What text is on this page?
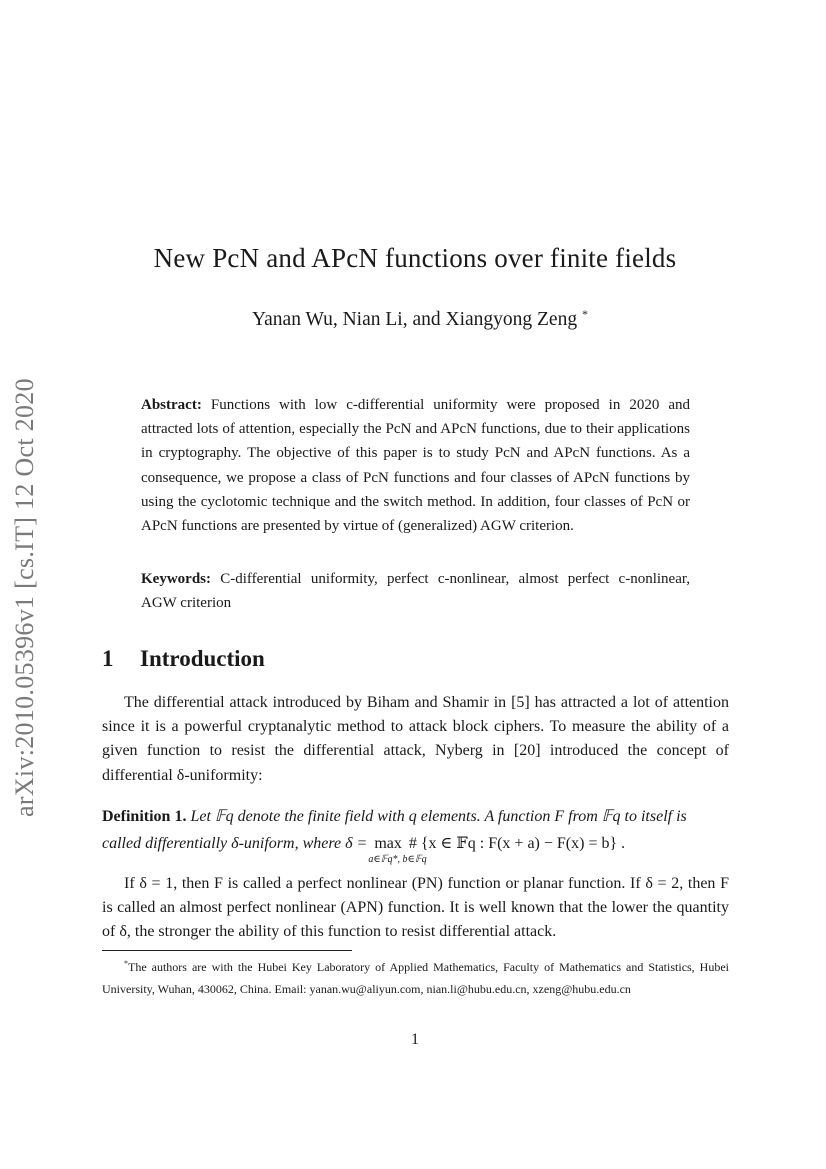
arXiv:2010.05396v1 [cs.IT] 12 Oct 2020
New PcN and APcN functions over finite fields
Yanan Wu, Nian Li, and Xiangyong Zeng *
Abstract: Functions with low c-differential uniformity were proposed in 2020 and attracted lots of attention, especially the PcN and APcN functions, due to their applications in cryptography. The objective of this paper is to study PcN and APcN functions. As a consequence, we propose a class of PcN functions and four classes of APcN functions by using the cyclotomic technique and the switch method. In addition, four classes of PcN or APcN functions are presented by virtue of (generalized) AGW criterion.
Keywords: C-differential uniformity, perfect c-nonlinear, almost perfect c-nonlinear, AGW criterion
1 Introduction
The differential attack introduced by Biham and Shamir in [5] has attracted a lot of attention since it is a powerful cryptanalytic method to attack block ciphers. To measure the ability of a given function to resist the differential attack, Nyberg in [20] introduced the concept of differential δ-uniformity:
Definition 1. Let 𝔽q denote the finite field with q elements. A function F from 𝔽q to itself is called differentially δ-uniform, where δ = max
a∈𝔽q*, b∈𝔽q
# {x ∈ 𝔽q : F(x + a) − F(x) = b} .
If δ = 1, then F is called a perfect nonlinear (PN) function or planar function. If δ = 2, then F is called an almost perfect nonlinear (APN) function. It is well known that the lower the quantity of δ, the stronger the ability of this function to resist differential attack.
*The authors are with the Hubei Key Laboratory of Applied Mathematics, Faculty of Mathematics and Statistics, Hubei University, Wuhan, 430062, China. Email: yanan.wu@aliyun.com, nian.li@hubu.edu.cn, xzeng@hubu.edu.cn
1
